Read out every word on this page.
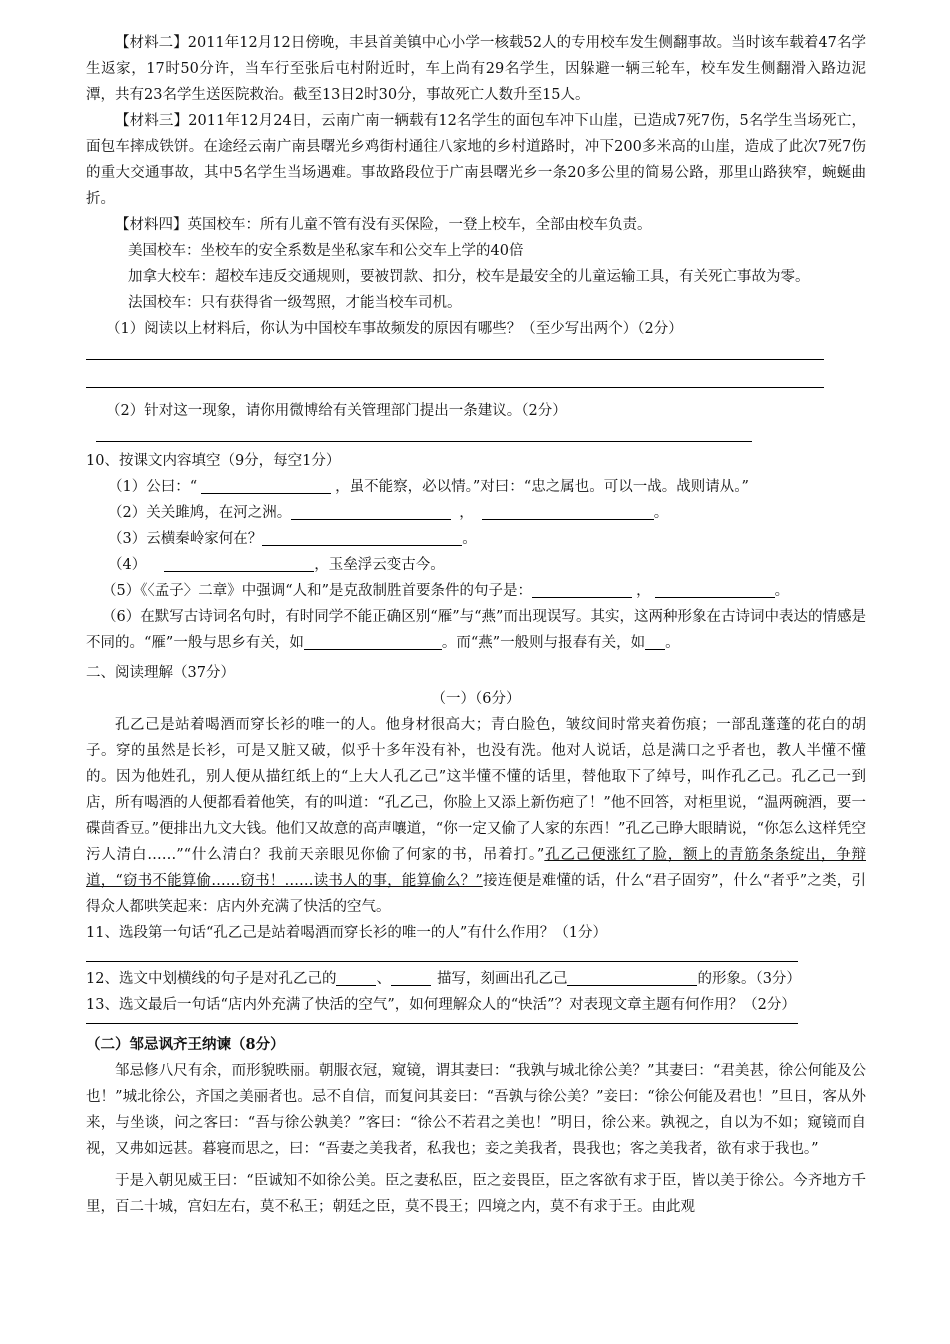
【材料二】2011年12月12日傍晚，丰县首美镇中心小学一核载52人的专用校车发生侧翻事故。当时该车载着47名学生返家，17时50分许，当车行至张后屯村附近时，车上尚有29名学生，因躲避一辆三轮车，校车发生侧翻滑入路边泥潭，共有23名学生送医院救治。截至13日2时30分，事故死亡人数升至15人。

【材料三】2011年12月24日，云南广南一辆载有12名学生的面包车冲下山崖，已造成7死7伤，5名学生当场死亡，面包车摔成铁饼。在途经云南广南县曙光乡鸡街村通往八家地的乡村道路时，冲下200多米高的山崖，造成了此次7死7伤的重大交通事故，其中5名学生当场遇难。事故路段位于广南县曙光乡一条20多公里的简易公路，那里山路狭窄，蜿蜒曲折。

【材料四】英国校车：所有儿童不管有没有买保险，一登上校车，全部由校车负责。

美国校车：坐校车的安全系数是坐私家车和公交车上学的40倍

加拿大校车：超校车违反交通规则，要被罚款、扣分，校车是最安全的儿童运输工具，有关死亡事故为零。

法国校车：只有获得省一级驾照，才能当校车司机。

（1）阅读以上材料后，你认为中国校车事故频发的原因有哪些？（至少写出两个）（2分）

（2）针对这一现象，请你用微博给有关管理部门提出一条建议。（2分）

10、按课文内容填空（9分，每空1分）

（1）公曰：“	，虽不能察，必以情。”对曰：“忠之属也。可以一战。战则请从。”

（2）关关雎鸠，在河之洲。	，	。

（3）云横秦岭家何在？	。

（4）	，玉垒浮云变古今。

（5）《〈孟子〉二章》中强调“人和”是克敌制胜首要条件的句子是：	，	。

（6）在默写古诗词名句时，有时同学不能正确区别“雁”与“燕”而出现误写。其实，这两种形象在古诗词中表达的情感是不同的。“雁”一般与思乡有关，如	。而“燕”一般则与报春有关，如 。

二、阅读理解（37分）

（一）（6分）

孔乙己是站着喝酒而穿长衫的唯一的人。他身材很高大；青白脸色，皱纹间时常夹着伤痕；一部乱蓬蓬的花白的胡子。穿的虽然是长衫，可是又脏又破，似乎十多年没有补，也没有洗。他对人说话，总是满口之乎者也，教人半懂不懂的。因为他姓孔，别人便从描红纸上的“上大人孔乙己”这半懂不懂的话里，替他取下了绰号，叫作孔乙己。孔乙己一到店，所有喝酒的人便都看着他笑，有的叫道：“孔乙己，你脸上又添上新伤疤了！”他不回答，对柜里说，“温两碗酒，要一碟茴香豆。”便排出九文大钱。他们又故意的高声嚷道，“你一定又偷了人家的东西！”孔乙己睁大眼睛说，“你怎么这样凭空污人清白……”“什么清白？我前天亲眼见你偷了何家的书，吊着打。”孔乙己便涨红了脸，额上的青筋条条绽出，争辩道，“窃书不能算偷……窃书！……读书人的事，能算偷么？”接连便是难懂的话，什么“君子固穷”，什么“者乎”之类，引得众人都哄笑起来：店内外充满了快活的空气。

11、选段第一句话“孔乙己是站着喝酒而穿长衫的唯一的人”有什么作用？（1分）

12、选文中划横线的句子是对孔乙己的	、	描写，刻画出孔乙己	的形象。（3分）

13、选文最后一句话“店内外充满了快活的空气”，如何理解众人的“快活”？对表现文章主题有何作用？（2分）

（二）邹忌讽齐王纳谏（8分）

邹忌修八尺有余，而形貌昳丽。朝服衣冠，窥镜，谓其妻曰：“我孰与城北徐公美？”其妻曰：“君美甚，徐公何能及公也！”城北徐公，齐国之美丽者也。忌不自信，而复问其妾曰：“吾孰与徐公美？”妾曰：“徐公何能及君也！”旦日，客从外来，与坐谈，问之客曰：“吾与徐公孰美？”客曰：“徐公不若君之美也！”明日，徐公来。孰视之，自以为不如；窥镜而自视，又弗如远甚。暮寝而思之，曰：“吾妻之美我者，私我也；妾之美我者，畏我也；客之美我者，欲有求于我也。”

于是入朝见威王曰：“臣诚知不如徐公美。臣之妻私臣，臣之妾畏臣，臣之客欲有求于臣，皆以美于徐公。今齐地方千里，百二十城，宫妇左右，莫不私王；朝廷之臣，莫不畏王；四境之内，莫不有求于王。由此观
